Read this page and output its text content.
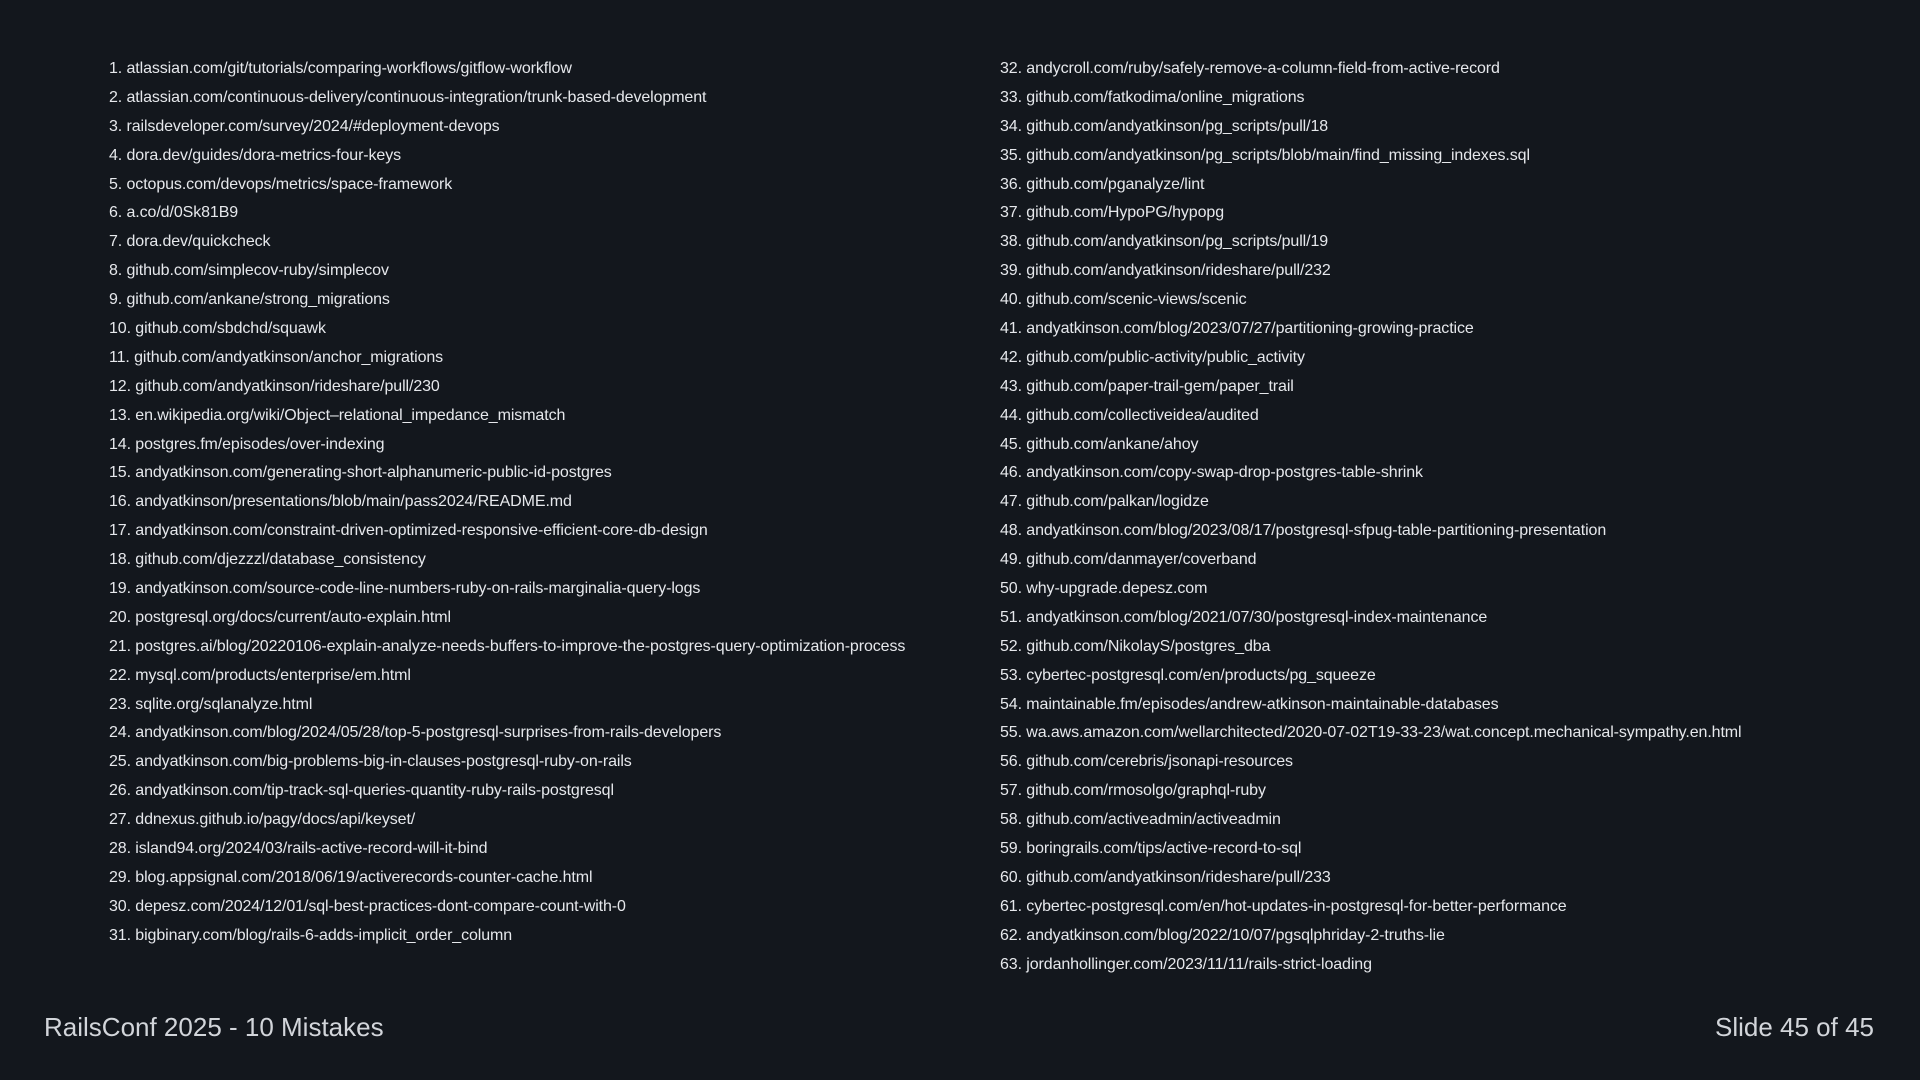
1. atlassian.com/git/tutorials/comparing-workflows/gitflow-workflow
2. atlassian.com/continuous-delivery/continuous-integration/trunk-based-development
3. railsdeveloper.com/survey/2024/#deployment-devops
4. dora.dev/guides/dora-metrics-four-keys
5. octopus.com/devops/metrics/space-framework
6. a.co/d/0Sk81B9
7. dora.dev/quickcheck
8. github.com/simplecov-ruby/simplecov
9. github.com/ankane/strong_migrations
10. github.com/sbdchd/squawk
11. github.com/andyatkinson/anchor_migrations
12. github.com/andyatkinson/rideshare/pull/230
13. en.wikipedia.org/wiki/Object–relational_impedance_mismatch
14. postgres.fm/episodes/over-indexing
15. andyatkinson.com/generating-short-alphanumeric-public-id-postgres
16. andyatkinson/presentations/blob/main/pass2024/README.md
17. andyatkinson.com/constraint-driven-optimized-responsive-efficient-core-db-design
18. github.com/djezzzl/database_consistency
19. andyatkinson.com/source-code-line-numbers-ruby-on-rails-marginalia-query-logs
20. postgresql.org/docs/current/auto-explain.html
21. postgres.ai/blog/20220106-explain-analyze-needs-buffers-to-improve-the-postgres-query-optimization-process
22. mysql.com/products/enterprise/em.html
23. sqlite.org/sqlanalyze.html
24. andyatkinson.com/blog/2024/05/28/top-5-postgresql-surprises-from-rails-developers
25. andyatkinson.com/big-problems-big-in-clauses-postgresql-ruby-on-rails
26. andyatkinson.com/tip-track-sql-queries-quantity-ruby-rails-postgresql
27. ddnexus.github.io/pagy/docs/api/keyset/
28. island94.org/2024/03/rails-active-record-will-it-bind
29. blog.appsignal.com/2018/06/19/activerecords-counter-cache.html
30. depesz.com/2024/12/01/sql-best-practices-dont-compare-count-with-0
31. bigbinary.com/blog/rails-6-adds-implicit_order_column
32. andycroll.com/ruby/safely-remove-a-column-field-from-active-record
33. github.com/fatkodima/online_migrations
34. github.com/andyatkinson/pg_scripts/pull/18
35. github.com/andyatkinson/pg_scripts/blob/main/find_missing_indexes.sql
36. github.com/pganalyze/lint
37. github.com/HypoPG/hypopg
38. github.com/andyatkinson/pg_scripts/pull/19
39. github.com/andyatkinson/rideshare/pull/232
40. github.com/scenic-views/scenic
41. andyatkinson.com/blog/2023/07/27/partitioning-growing-practice
42. github.com/public-activity/public_activity
43. github.com/paper-trail-gem/paper_trail
44. github.com/collectiveidea/audited
45. github.com/ankane/ahoy
46. andyatkinson.com/copy-swap-drop-postgres-table-shrink
47. github.com/palkan/logidze
48. andyatkinson.com/blog/2023/08/17/postgresql-sfpug-table-partitioning-presentation
49. github.com/danmayer/coverband
50. why-upgrade.depesz.com
51. andyatkinson.com/blog/2021/07/30/postgresql-index-maintenance
52. github.com/NikolayS/postgres_dba
53. cybertec-postgresql.com/en/products/pg_squeeze
54. maintainable.fm/episodes/andrew-atkinson-maintainable-databases
55. wa.aws.amazon.com/wellarchitected/2020-07-02T19-33-23/wat.concept.mechanical-sympathy.en.html
56. github.com/cerebris/jsonapi-resources
57. github.com/rmosolgo/graphql-ruby
58. github.com/activeadmin/activeadmin
59. boringrails.com/tips/active-record-to-sql
60. github.com/andyatkinson/rideshare/pull/233
61. cybertec-postgresql.com/en/hot-updates-in-postgresql-for-better-performance
62. andyatkinson.com/blog/2022/10/07/pgsqlphriday-2-truths-lie
63. jordanhollinger.com/2023/11/11/rails-strict-loading
RailsConf 2025 - 10 Mistakes	Slide 45 of 45
